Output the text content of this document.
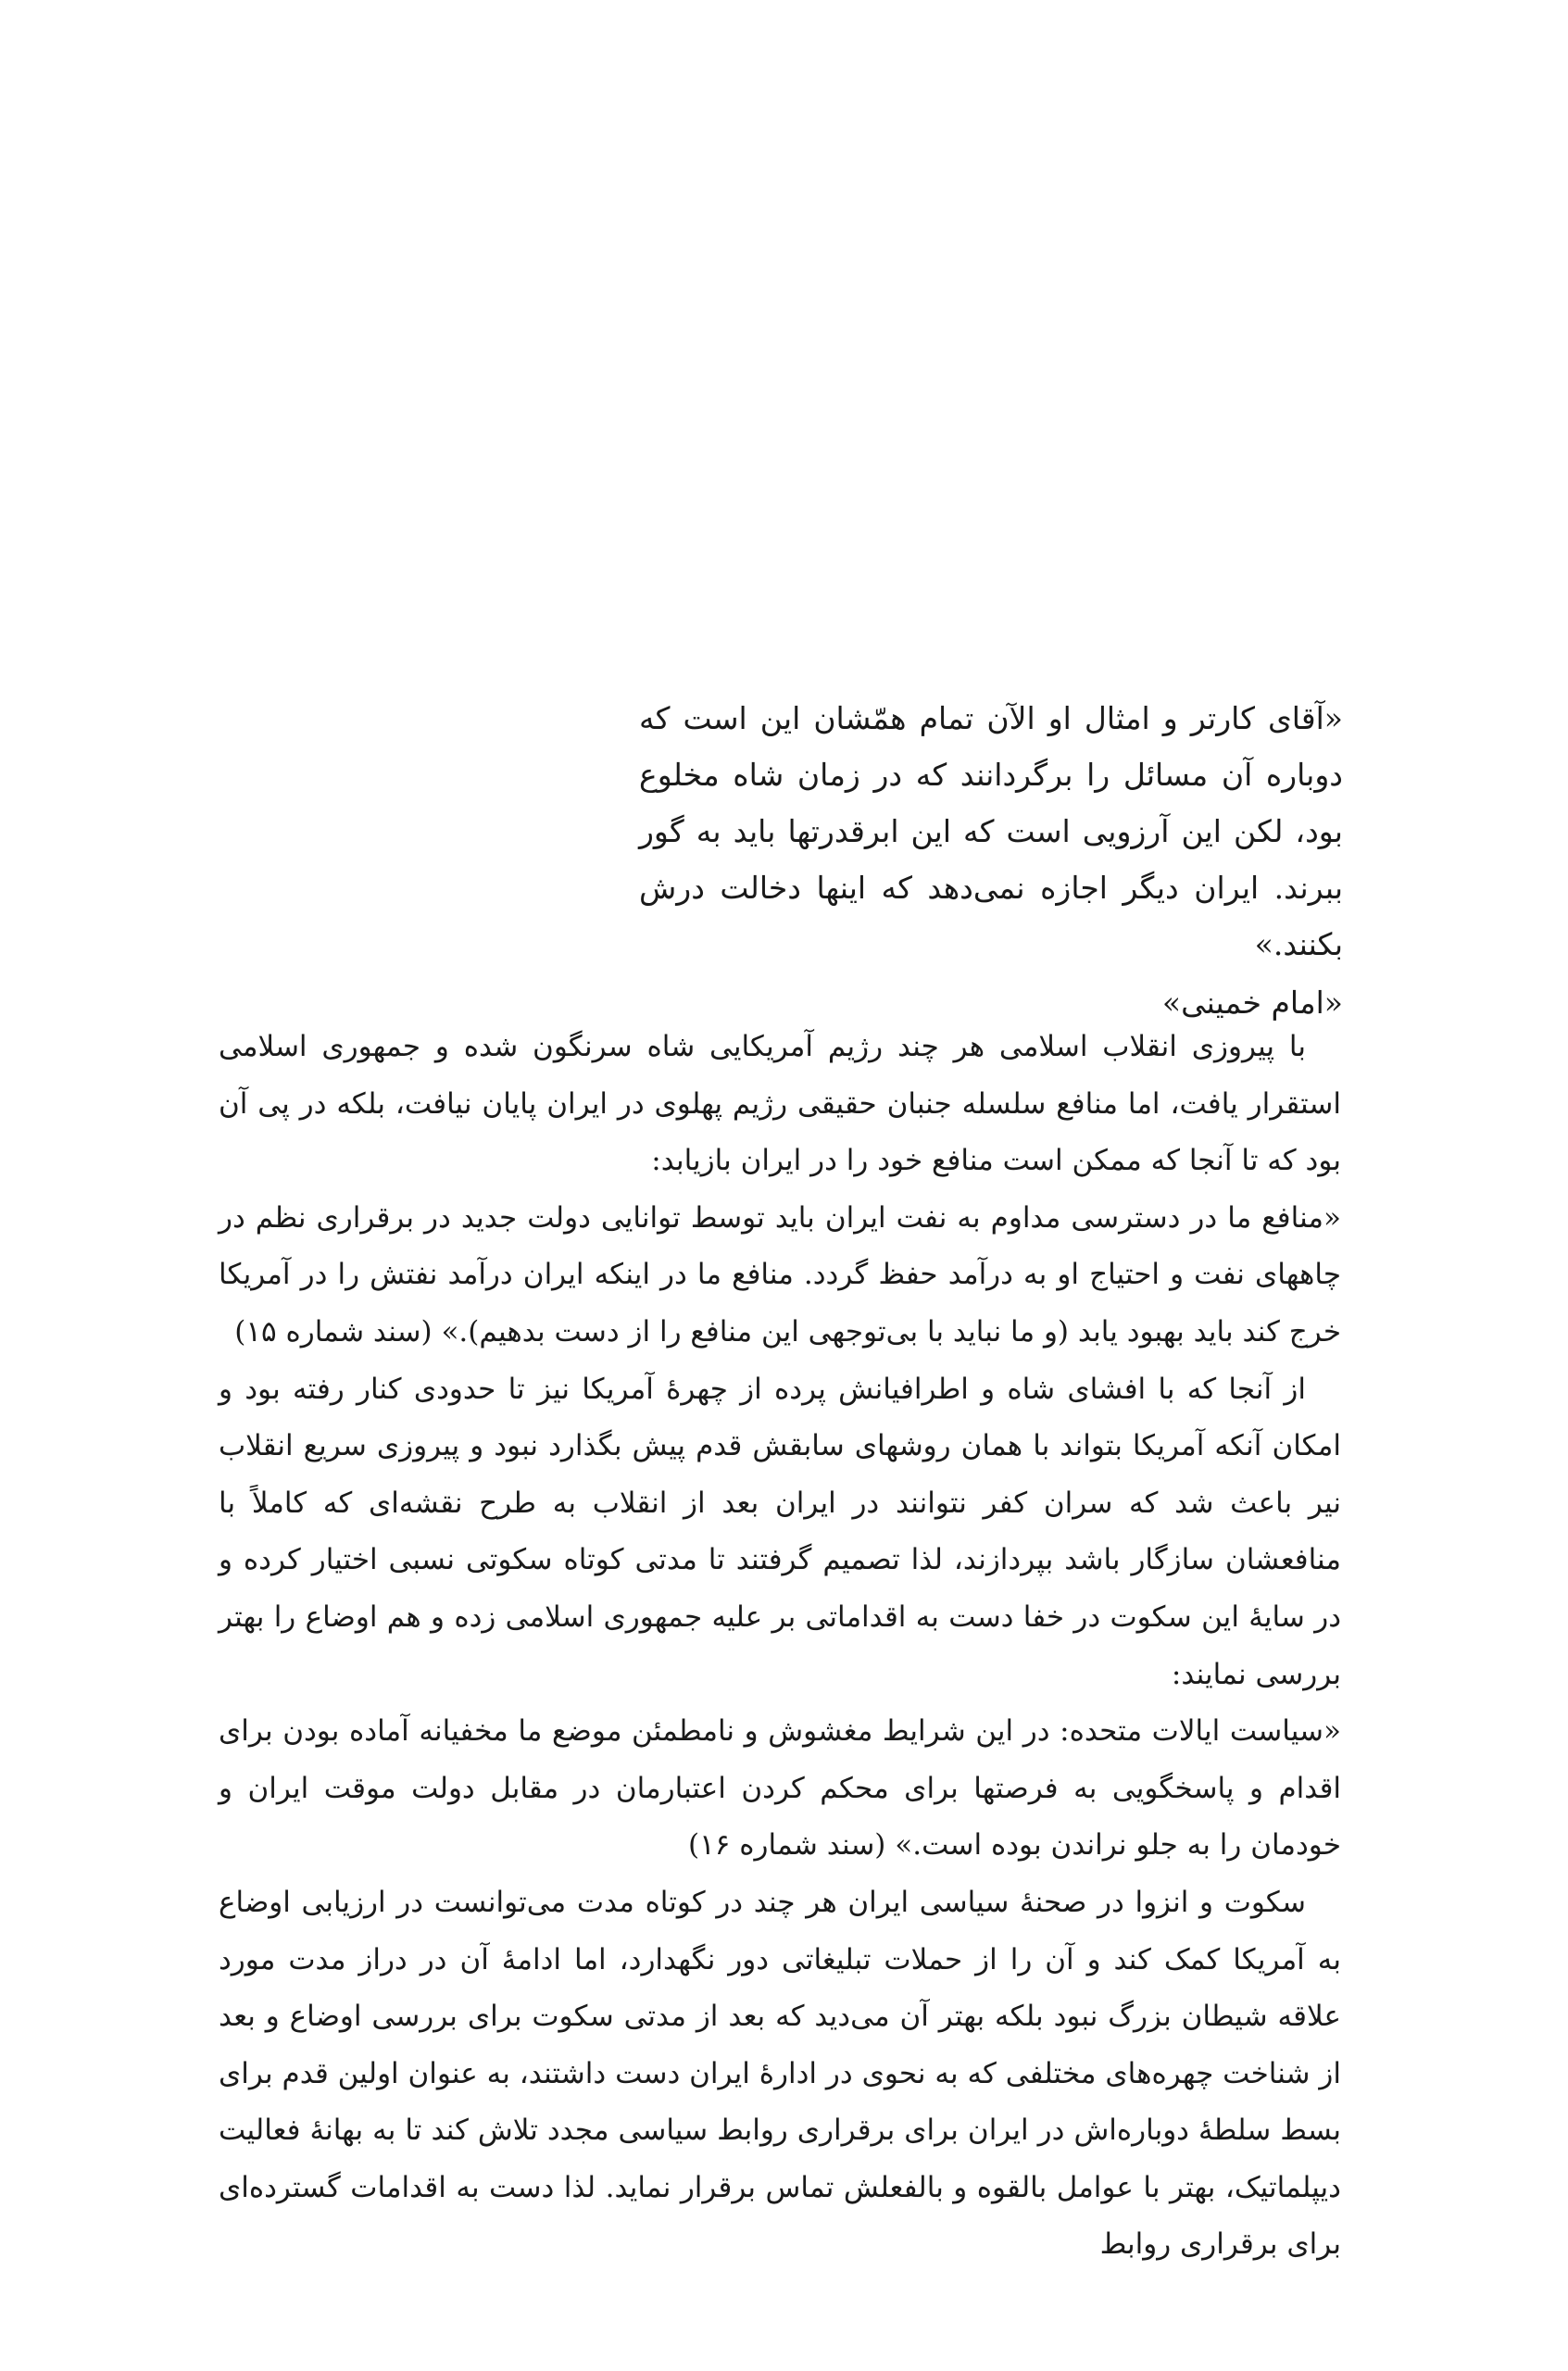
«آقای کارتر و امثال او الآن تمام همّشان این است که دوباره آن مسائل را برگردانند که در زمان شاه مخلوع بود، لکن این آرزویی است که این ابرقدرتها باید به گور ببرند. ایران دیگر اجازه نمی‌دهد که اینها دخالت درش بکنند.»

«امام خمینی»

با پیروزی انقلاب اسلامی هر چند رژیم آمریکایی شاه سرنگون شده و جمهوری اسلامی استقرار یافت، اما منافع سلسله جنبان حقیقی رژیم پهلوی در ایران پایان نیافت، بلکه در پی آن بود که تا آنجا که ممکن است منافع خود را در ایران بازیابد:

«منافع ما در دسترسی مداوم به نفت ایران باید توسط توانایی دولت جدید در برقراری نظم در چاههای نفت و احتیاج او به درآمد حفظ گردد. منافع ما در اینکه ایران درآمد نفتش را در آمریکا خرج کند باید بهبود یابد (و ما نباید با بی‌توجهی این منافع را از دست بدهیم).» (سند شماره ۱۵)

از آنجا که با افشای شاه و اطرافیانش پرده از چهرهٔ آمریکا نیز تا حدودی کنار رفته بود و امکان آنکه آمریکا بتواند با همان روشهای سابقش قدم پیش بگذارد نبود و پیروزی سریع انقلاب نیر باعث شد که سران کفر نتوانند در ایران بعد از انقلاب به طرح نقشه‌ای که کاملاً با منافعشان سازگار باشد بپردازند، لذا تصمیم گرفتند تا مدتی کوتاه سکوتی نسبی اختیار کرده و در سایهٔ این سکوت در خفا دست به اقداماتی بر علیه جمهوری اسلامی زده و هم اوضاع را بهتر بررسی نمایند:

«سیاست ایالات متحده: در این شرایط مغشوش و نامطمئن موضع ما مخفیانه آماده بودن برای اقدام و پاسخگویی به فرصتها برای محکم کردن اعتبارمان در مقابل دولت موقت ایران و خودمان را به جلو نراندن بوده است.» (سند شماره ۱۶)

سکوت و انزوا در صحنهٔ سیاسی ایران هر چند در کوتاه مدت می‌توانست در ارزیابی اوضاع به آمریکا کمک کند و آن را از حملات تبلیغاتی دور نگهدارد، اما ادامهٔ آن در دراز مدت مورد علاقه شیطان بزرگ نبود بلکه بهتر آن می‌دید که بعد از مدتی سکوت برای بررسی اوضاع و بعد از شناخت چهره‌های مختلفی که به نحوی در ادارهٔ ایران دست داشتند، به عنوان اولین قدم برای بسط سلطهٔ دوباره‌اش در ایران برای برقراری روابط سیاسی مجدد تلاش کند تا به بهانهٔ فعالیت دیپلماتیک، بهتر با عوامل بالقوه و بالفعلش تماس برقرار نماید. لذا دست به اقدامات گسترده‌ای برای برقراری روابط
